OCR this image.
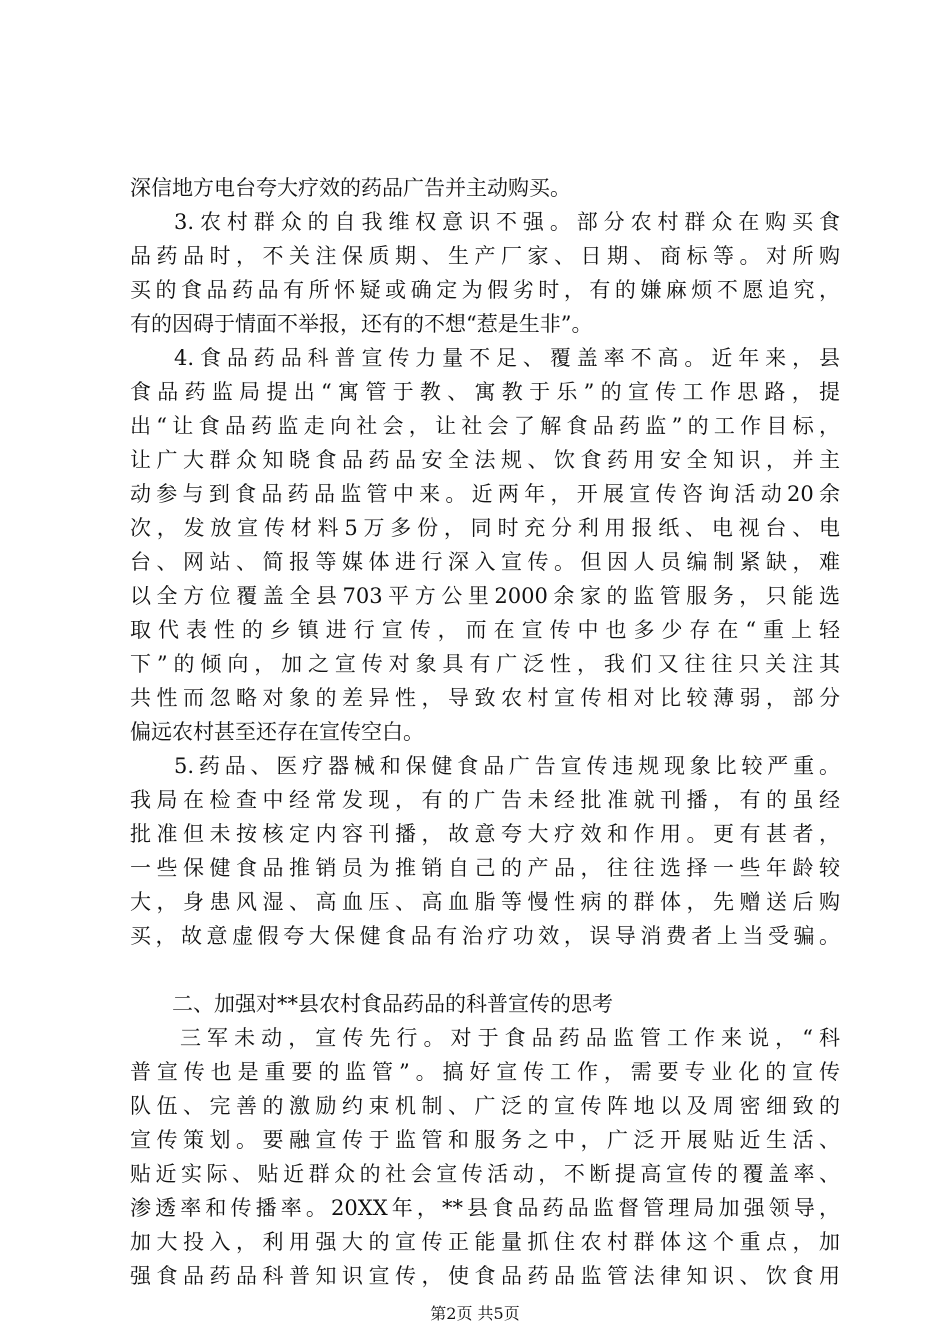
深信地方电台夸大疗效的药品广告并主动购买。
3.农村群众的自我维权意识不强。部分农村群众在购买食
品药品时，不关注保质期、生产厂家、日期、商标等。对所购
买的食品药品有所怀疑或确定为假劣时，有的嫌麻烦不愿追究，
有的因碍于情面不举报，还有的不想“惹是生非”。
4.食品药品科普宣传力量不足、覆盖率不高。近年来，县
食品药监局提出“寓管于教、寓教于乐”的宣传工作思路，提
出“让食品药监走向社会，让社会了解食品药监”的工作目标，
让广大群众知晓食品药品安全法规、饮食药用安全知识，并主
动参与到食品药品监管中来。近两年，开展宣传咨询活动20余
次，发放宣传材料5万多份，同时充分利用报纸、电视台、电
台、网站、简报等媒体进行深入宣传。但因人员编制紧缺，难
以全方位覆盖全县703平方公里2000余家的监管服务，只能选
取代表性的乡镇进行宣传，而在宣传中也多少存在“重上轻
下”的倾向，加之宣传对象具有广泛性，我们又往往只关注其
共性而忽略对象的差异性，导致农村宣传相对比较薄弱，部分
偏远农村甚至还存在宣传空白。
5.药品、医疗器械和保健食品广告宣传违规现象比较严重。
我局在检查中经常发现，有的广告未经批准就刊播，有的虽经
批准但未按核定内容刊播，故意夸大疗效和作用。更有甚者，
一些保健食品推销员为推销自己的产品，往往选择一些年龄较
大，身患风湿、高血压、高血脂等慢性病的群体，先赠送后购
买，故意虚假夸大保健食品有治疗功效，误导消费者上当受骗。
二、加强对**县农村食品药品的科普宣传的思考
三军未动，宣传先行。对于食品药品监管工作来说，“科
普宣传也是重要的监管”。搞好宣传工作，需要专业化的宣传
队伍、完善的激励约束机制、广泛的宣传阵地以及周密细致的
宣传策划。要融宣传于监管和服务之中，广泛开展贴近生活、
贴近实际、贴近群众的社会宣传活动，不断提高宣传的覆盖率、
渗透率和传播率。20XX年，**县食品药品监督管理局加强领导，
加大投入，利用强大的宣传正能量抓住农村群体这个重点，加
强食品药品科普知识宣传，使食品药品监管法律知识、饮食用
第2页 共5页
